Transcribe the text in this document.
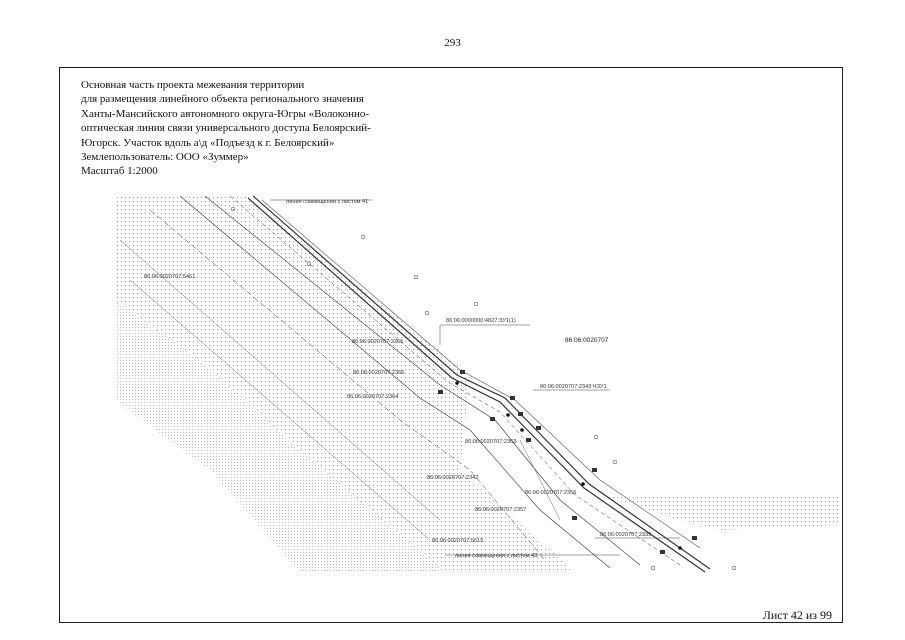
293
Основная часть проекта межевания территории
для размещения линейного объекта регионального значения
Ханты-Мансийского автономного округа-Югры «Волоконно-
оптическая линия связи универсального доступа Белоярский-
Югорск. Участок вдоль а\д «Подъезд к г. Белоярский»
Землепользователь: ООО «Зуммер»
Масштаб 1:2000
линия совмещения с листом 41
линия совмещения с листом 43
86:06:0020707:5461
86:06:0020707:2365
86:06:0020707:2366
86:06:0020707:2364
86:06:0000000:4827:ЗУ1(1)
86:06:0020707
86:06:0020707:2343:ЧЗУ1
86:06:0020707:2363
86:06:0020707:2342
86:06:0020707:2356
86:06:0020707:2357
86:06:0020707:5615
86:06:0020707:2339
Лист 42 из 99
